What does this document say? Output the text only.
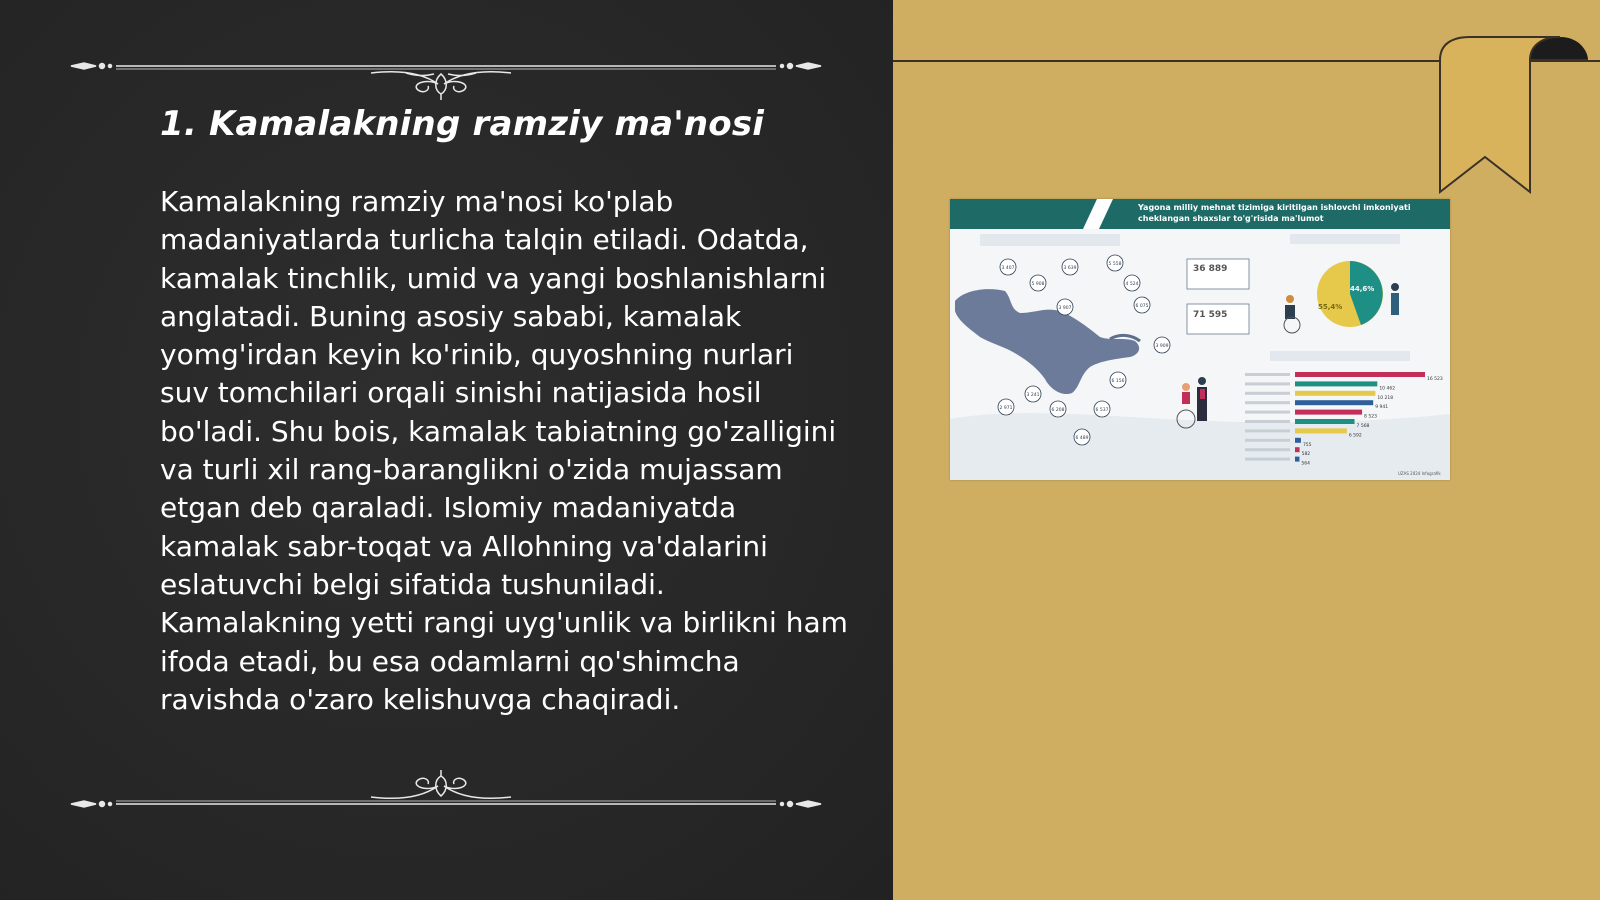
1. Kamalakning ramziy ma'nosi

Kamalakning ramziy ma'nosi ko'plab madaniyatlarda turlicha talqin etiladi. Odatda, kamalak tinchlik, umid va yangi boshlanishlarni anglatadi. Buning asosiy sababi, kamalak yomg'irdan keyin ko'rinib, quyoshning nurlari suv tomchilari orqali sinishi natijasida hosil bo'ladi. Shu bois, kamalak tabiatning go'zalligini va turli xil rang-baranglikni o'zida mujassam etgan deb qaraladi. Islomiy madaniyatda kamalak sabr-toqat va Allohning va'dalarini eslatuvchi belgi sifatida tushuniladi. Kamalakning yetti rangi uyg'unlik va birlikni ham ifoda etadi, bu esa odamlarni qo'shimcha ravishda o'zaro kelishuvga chaqiradi.

Yagona milliy mehnat tizimiga kiritilgan ishlovchi imkoniyati cheklangan shaxslar to'g'risida ma'lumot
3 407	3 639
5 558
5 908	4 524
3 907	6 075
3 909
3 241
2 971	6 208	6 537
6 156
6 489
36 889
71 595
44,6%
55,4%
16 523
10 462
10 218
9 941
8 523
7 568
6 592
755
582
564
UZAS 2024 Infografik
